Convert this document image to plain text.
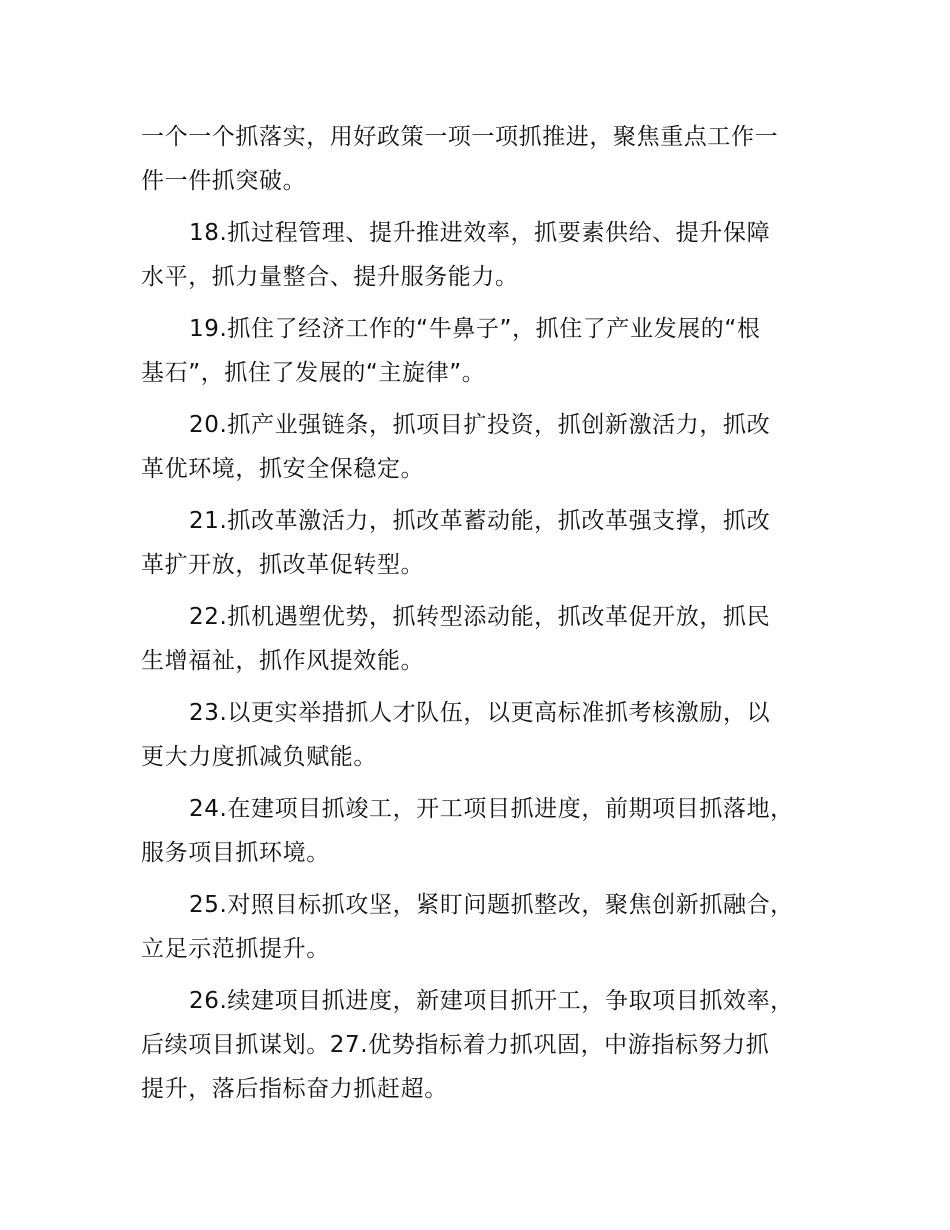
一个一个抓落实，用好政策一项一项抓推进，聚焦重点工作一
件一件抓突破。
18.抓过程管理、提升推进效率，抓要素供给、提升保障
水平，抓力量整合、提升服务能力。
19.抓住了经济工作的“牛鼻子”，抓住了产业发展的“根
基石”，抓住了发展的“主旋律”。
20.抓产业强链条，抓项目扩投资，抓创新激活力，抓改
革优环境，抓安全保稳定。
21.抓改革激活力，抓改革蓄动能，抓改革强支撑，抓改
革扩开放，抓改革促转型。
22.抓机遇塑优势，抓转型添动能，抓改革促开放，抓民
生增福祉，抓作风提效能。
23.以更实举措抓人才队伍，以更高标准抓考核激励，以
更大力度抓减负赋能。
24.在建项目抓竣工，开工项目抓进度，前期项目抓落地，
服务项目抓环境。
25.对照目标抓攻坚，紧盯问题抓整改，聚焦创新抓融合，
立足示范抓提升。
26.续建项目抓进度，新建项目抓开工，争取项目抓效率，
后续项目抓谋划。27.优势指标着力抓巩固，中游指标努力抓
提升，落后指标奋力抓赶超。
